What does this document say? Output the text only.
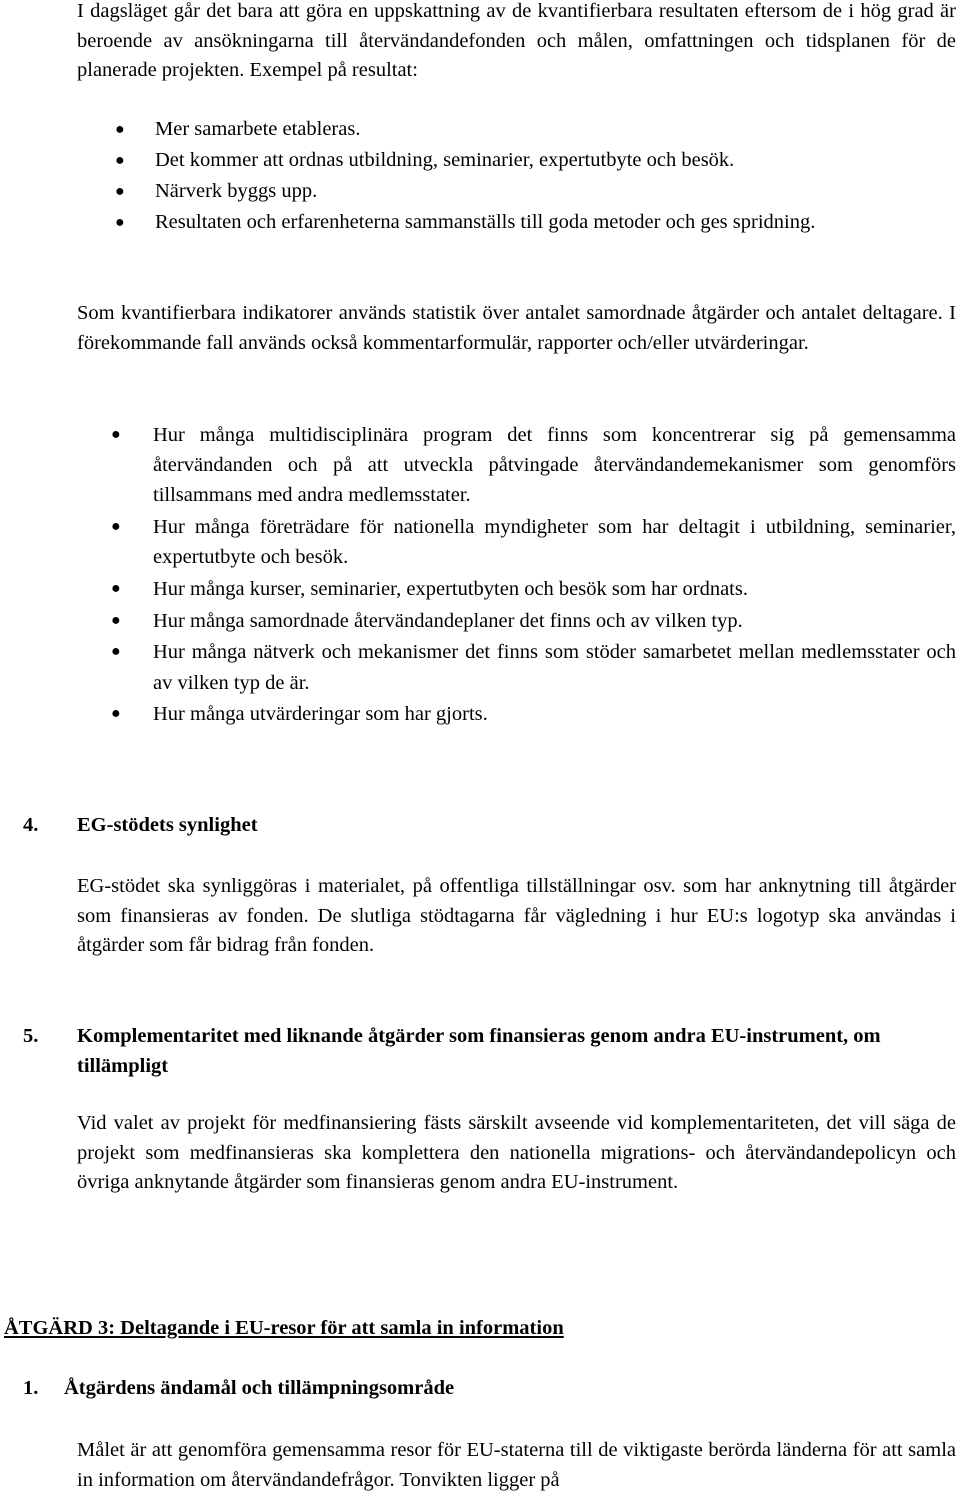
I dagsläget går det bara att göra en uppskattning av de kvantifierbara resultaten eftersom de i hög grad är beroende av ansökningarna till återvändandefonden och målen, omfattningen och tidsplanen för de planerade projekten. Exempel på resultat:

● Mer samarbete etableras.
● Det kommer att ordnas utbildning, seminarier, expertutbyte och besök.
● Närverk byggs upp.
● Resultaten och erfarenheterna sammanställs till goda metoder och ges spridning.

Som kvantifierbara indikatorer används statistik över antalet samordnade åtgärder och antalet deltagare. I förekommande fall används också kommentarformulär, rapporter och/eller utvärderingar.

● Hur många multidisciplinära program det finns som koncentrerar sig på gemensamma återvändanden och på att utveckla påtvingade återvändandemekanismer som genomförs tillsammans med andra medlemsstater.
● Hur många företrädare för nationella myndigheter som har deltagit i utbildning, seminarier, expertutbyte och besök.
● Hur många kurser, seminarier, expertutbyten och besök som har ordnats.
● Hur många samordnade återvändandeplaner det finns och av vilken typ.
● Hur många nätverk och mekanismer det finns som stöder samarbetet mellan medlemsstater och av vilken typ de är.
● Hur många utvärderingar som har gjorts.
4. EG-stödets synlighet

EG-stödet ska synliggöras i materialet, på offentliga tillställningar osv. som har anknytning till åtgärder som finansieras av fonden. De slutliga stödtagarna får vägledning i hur EU:s logotyp ska användas i åtgärder som får bidrag från fonden.

5. Komplementaritet med liknande åtgärder som finansieras genom andra EU-instrument, om tillämpligt

Vid valet av projekt för medfinansiering fästs särskilt avseende vid komplementariteten, det vill säga de projekt som medfinansieras ska komplettera den nationella migrations- och återvändandepolicyn och övriga anknytande åtgärder som finansieras genom andra EU-instrument.

ÅTGÄRD 3: Deltagande i EU-resor för att samla in information
1. Åtgärdens ändamål och tillämpningsområde

Målet är att genomföra gemensamma resor för EU-staterna till de viktigaste berörda länderna för att samla in information om återvändandefrågor. Tonvikten ligger på
